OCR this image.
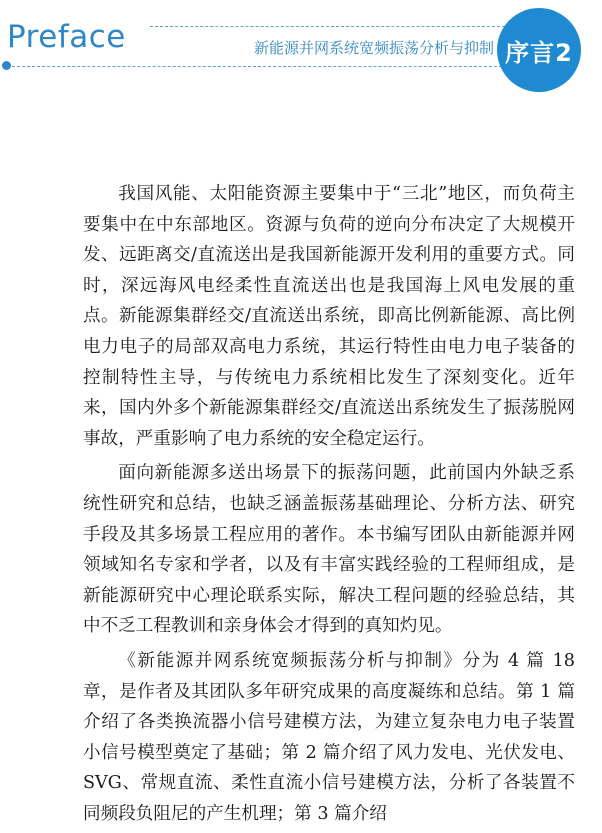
Preface	新能源并网系统宽频振荡分析与抑制 序言2

我国风能、太阳能资源主要集中于“三北”地区，而负荷主要集中在中东部地区。资源与负荷的逆向分布决定了大规模开发、远距离交/直流送出是我国新能源开发利用的重要方式。同时，深远海风电经柔性直流送出也是我国海上风电发展的重点。新能源集群经交/直流送出系统，即高比例新能源、高比例电力电子的局部双高电力系统，其运行特性由电力电子装备的控制特性主导，与传统电力系统相比发生了深刻变化。近年来，国内外多个新能源集群经交/直流送出系统发生了振荡脱网事故，严重影响了电力系统的安全稳定运行。

面向新能源多送出场景下的振荡问题，此前国内外缺乏系统性研究和总结，也缺乏涵盖振荡基础理论、分析方法、研究手段及其多场景工程应用的著作。本书编写团队由新能源并网领域知名专家和学者，以及有丰富实践经验的工程师组成，是新能源研究中心理论联系实际，解决工程问题的经验总结，其中不乏工程教训和亲身体会才得到的真知灼见。

《新能源并网系统宽频振荡分析与抑制》分为 4 篇 18 章，是作者及其团队多年研究成果的高度凝练和总结。第 1 篇介绍了各类换流器小信号建模方法，为建立复杂电力电子装置小信号模型奠定了基础；第 2 篇介绍了风力发电、光伏发电、SVG、常规直流、柔性直流小信号建模方法，分析了各装置不同频段负阻尼的产生机理；第 3 篇介绍
